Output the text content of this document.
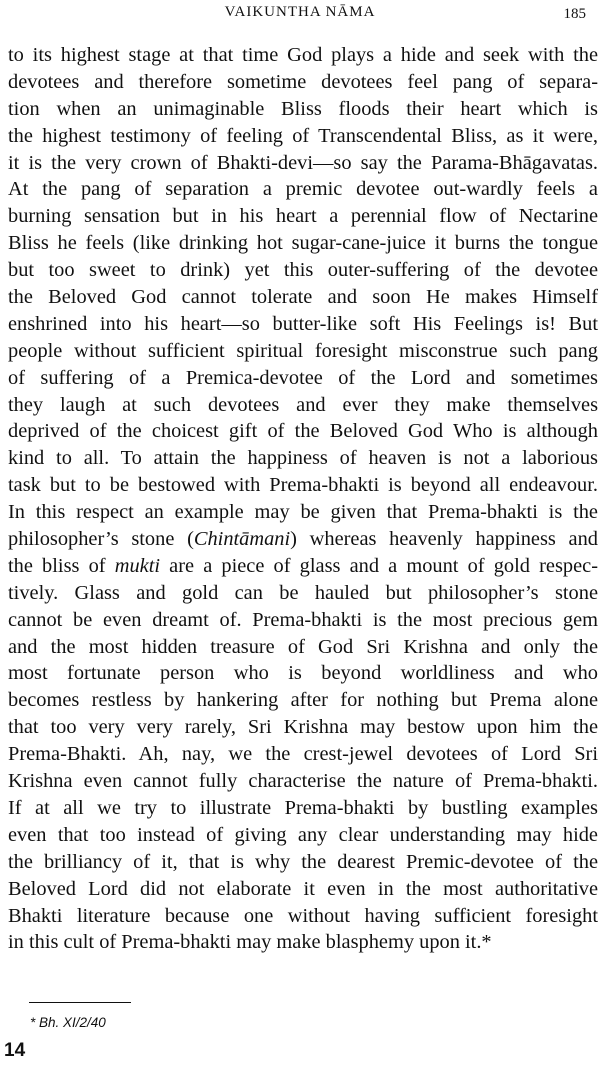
VAIKUNTHA NĀMA	185
to its highest stage at that time God plays a hide and seek with the
devotees and therefore sometime devotees feel pang of separa-
tion when an unimaginable Bliss floods their heart which is
the highest testimony of feeling of Transcendental Bliss, as it were,
it is the very crown of Bhakti-devi—so say the Parama-Bhāgavatas.
At the pang of separation a premic devotee out-wardly feels a
burning sensation but in his heart a perennial flow of Nectarine
Bliss he feels (like drinking hot sugar-cane-juice it burns the tongue
but too sweet to drink) yet this outer-suffering of the devotee
the Beloved God cannot tolerate and soon He makes Himself
enshrined into his heart—so butter-like soft His Feelings is! But
people without sufficient spiritual foresight misconstrue such pang
of suffering of a Premica-devotee of the Lord and sometimes
they laugh at such devotees and ever they make themselves
deprived of the choicest gift of the Beloved God Who is although
kind to all. To attain the happiness of heaven is not a laborious
task but to be bestowed with Prema-bhakti is beyond all endeavour.
In this respect an example may be given that Prema-bhakti is the
philosopher’s stone (Chintāmani) whereas heavenly happiness and
the bliss of mukti are a piece of glass and a mount of gold respec-
tively. Glass and gold can be hauled but philosopher’s stone
cannot be even dreamt of. Prema-bhakti is the most precious gem
and the most hidden treasure of God Sri Krishna and only the
most fortunate person who is beyond worldliness and who
becomes restless by hankering after for nothing but Prema alone
that too very very rarely, Sri Krishna may bestow upon him the
Prema-Bhakti. Ah, nay, we the crest-jewel devotees of Lord Sri
Krishna even cannot fully characterise the nature of Prema-bhakti.
If at all we try to illustrate Prema-bhakti by bustling examples
even that too instead of giving any clear understanding may hide
the brilliancy of it, that is why the dearest Premic-devotee of the
Beloved Lord did not elaborate it even in the most authoritative
Bhakti literature because one without having sufficient foresight
in this cult of Prema-bhakti may make blasphemy upon it.*
* Bh. XI/2/40
14
